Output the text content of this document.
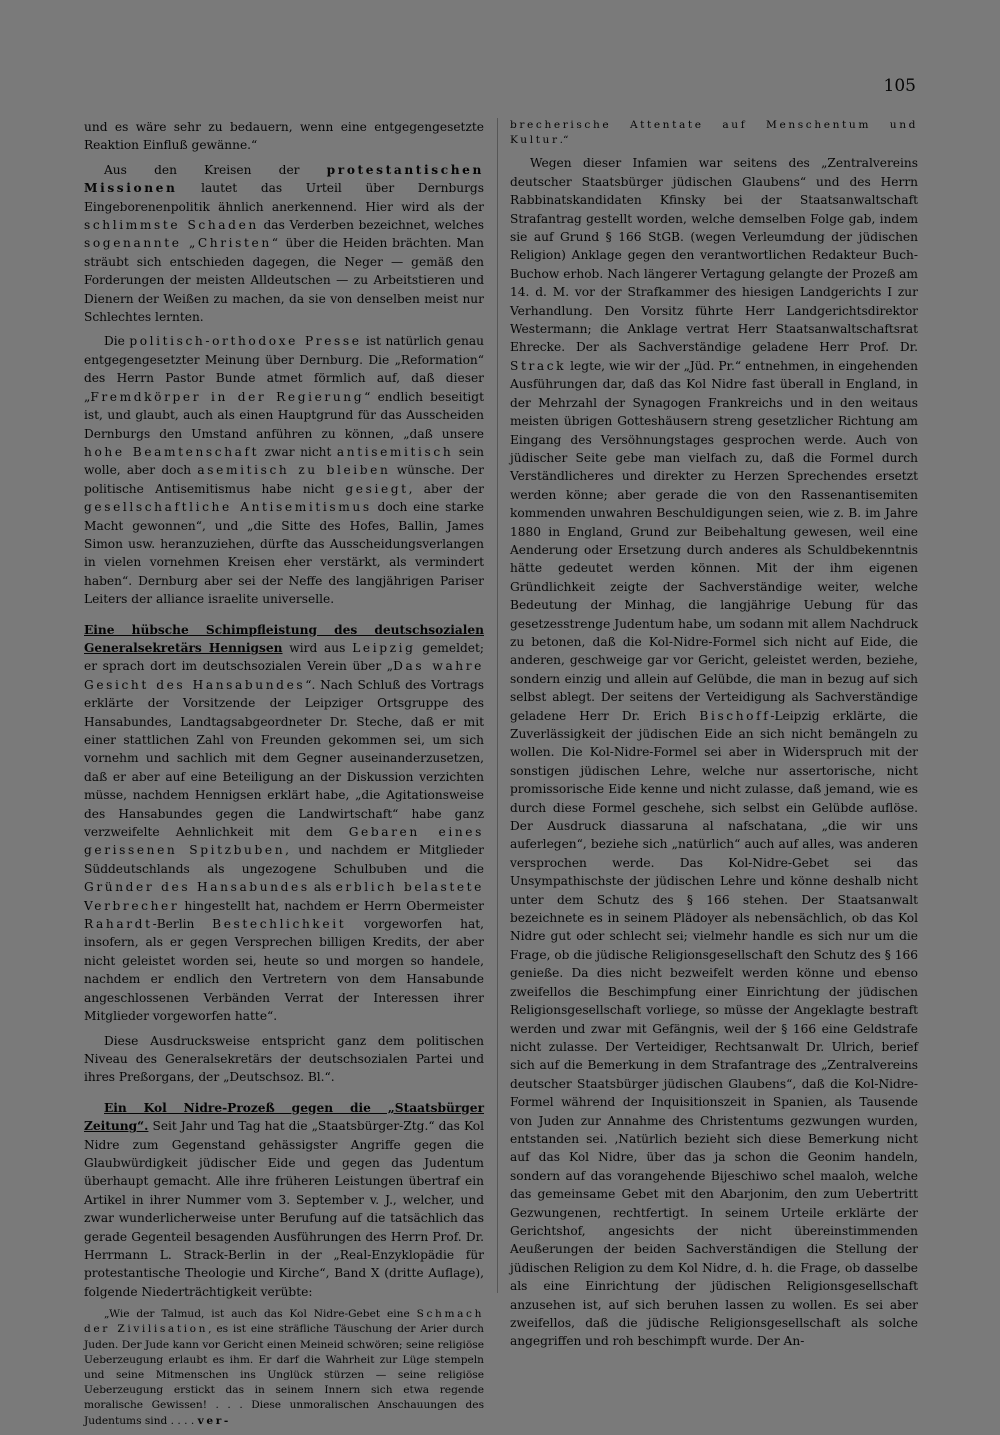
105

und es wäre sehr zu bedauern, wenn eine entgegengesetzte Reaktion Einfluß gewänne.“

Aus den Kreisen der protestantischen Missionen lautet das Urteil über Dernburgs Eingeborenenpolitik ähnlich anerkennend. Hier wird als der schlimmste Schaden das Verderben bezeichnet, welches sogenannte „Christen“ über die Heiden brächten. Man sträubt sich entschieden dagegen, die Neger — gemäß den Forderungen der meisten Alldeutschen — zu Arbeitstieren und Dienern der Weißen zu machen, da sie von denselben meist nur Schlechtes lernten.

Die politisch-orthodoxe Presse ist natürlich genau entgegengesetzter Meinung über Dernburg. Die „Reformation“ des Herrn Pastor Bunde atmet förmlich auf, daß dieser „Fremdkörper in der Regierung“ endlich beseitigt ist, und glaubt, auch als einen Hauptgrund für das Ausscheiden Dernburgs den Umstand anführen zu können, „daß unsere hohe Beamtenschaft zwar nicht antisemitisch sein wolle, aber doch asemitisch zu bleiben wünsche. Der politische Antisemitismus habe nicht gesiegt, aber der gesellschaftliche Antisemitismus doch eine starke Macht gewonnen“, und „die Sitte des Hofes, Ballin, James Simon usw. heranzuziehen, dürfte das Ausscheidungsverlangen in vielen vornehmen Kreisen eher verstärkt, als vermindert haben“. Dernburg aber sei der Neffe des langjährigen Pariser Leiters der alliance israelite universelle.

Eine hübsche Schimpfleistung des deutschsozialen Generalsekretärs Hennigsen wird aus Leipzig gemeldet; er sprach dort im deutschsozialen Verein über „Das wahre Gesicht des Hansabundes“. Nach Schluß des Vortrags erklärte der Vorsitzende der Leipziger Ortsgruppe des Hansabundes, Landtagsabgeordneter Dr. Steche, daß er mit einer stattlichen Zahl von Freunden gekommen sei, um sich vornehm und sachlich mit dem Gegner auseinanderzusetzen, daß er aber auf eine Beteiligung an der Diskussion verzichten müsse, nachdem Hennigsen erklärt habe, „die Agitationsweise des Hansabundes gegen die Landwirtschaft“ habe ganz verzweifelte Aehnlichkeit mit dem Gebaren eines gerissenen Spitzbuben, und nachdem er Mitglieder Süddeutschlands als ungezogene Schulbuben und die Gründer des Hansabundes als erblich belastete Verbrecher hingestellt hat, nachdem er Herrn Obermeister Rahardt-Berlin Bestechlichkeit vorgeworfen hat, insofern, als er gegen Versprechen billigen Kredits, der aber nicht geleistet worden sei, heute so und morgen so handele, nachdem er endlich den Vertretern von dem Hansabunde angeschlossenen Verbänden Verrat der Interessen ihrer Mitglieder vorgeworfen hatte“.

Diese Ausdrucksweise entspricht ganz dem politischen Niveau des Generalsekretärs der deutschsozialen Partei und ihres Preßorgans, der „Deutschsoz. Bl.“.

Ein Kol Nidre-Prozeß gegen die „Staatsbürger Zeitung“. Seit Jahr und Tag hat die „Staatsbürger-Ztg.“ das Kol Nidre zum Gegenstand gehässigster Angriffe gegen die Glaubwürdigkeit jüdischer Eide und gegen das Judentum überhaupt gemacht. Alle ihre früheren Leistungen übertraf ein Artikel in ihrer Nummer vom 3. September v. J., welcher, und zwar wunderlicherweise unter Berufung auf die tatsächlich das gerade Gegenteil besagenden Ausführungen des Herrn Prof. Dr. Herrmann L. Strack-Berlin in der „Real-Enzyklopädie für protestantische Theologie und Kirche“, Band X (dritte Auflage), folgende Niederträchtigkeit verübte:

„Wie der Talmud, ist auch das Kol Nidre-Gebet eine Schmach der Zivilisation, es ist eine sträfliche Täuschung der Arier durch Juden. Der Jude kann vor Gericht einen Meineid schwören; seine religiöse Ueberzeugung erlaubt es ihm. Er darf die Wahrheit zur Lüge stempeln und seine Mitmenschen ins Unglück stürzen — seine religiöse Ueberzeugung erstickt das in seinem Innern sich etwa regende moralische Gewissen! . . . Diese unmoralischen Anschauungen des Judentums sind . . . . ver-

brecherische Attentate auf Menschentum und Kultur.“

Wegen dieser Infamien war seitens des „Zentralvereins deutscher Staatsbürger jüdischen Glaubens“ und des Herrn Rabbinatskandidaten Kfinsky bei der Staatsanwaltschaft Strafantrag gestellt worden, welche demselben Folge gab, indem sie auf Grund § 166 StGB. (wegen Verleumdung der jüdischen Religion) Anklage gegen den verantwortlichen Redakteur Buch-Buchow erhob. Nach längerer Vertagung gelangte der Prozeß am 14. d. M. vor der Strafkammer des hiesigen Landgerichts I zur Verhandlung. Den Vorsitz führte Herr Landgerichtsdirektor Westermann; die Anklage vertrat Herr Staatsanwaltschaftsrat Ehrecke. Der als Sachverständige geladene Herr Prof. Dr. Strack legte, wie wir der „Jüd. Pr.“ entnehmen, in eingehenden Ausführungen dar, daß das Kol Nidre fast überall in England, in der Mehrzahl der Synagogen Frankreichs und in den weitaus meisten übrigen Gotteshäusern streng gesetzlicher Richtung am Eingang des Versöhnungstages gesprochen werde. Auch von jüdischer Seite gebe man vielfach zu, daß die Formel durch Verständlicheres und direkter zu Herzen Sprechendes ersetzt werden könne; aber gerade die von den Rassenantisemiten kommenden unwahren Beschuldigungen seien, wie z. B. im Jahre 1880 in England, Grund zur Beibehaltung gewesen, weil eine Aenderung oder Ersetzung durch anderes als Schuldbekenntnis hätte gedeutet werden können. Mit der ihm eigenen Gründlichkeit zeigte der Sachverständige weiter, welche Bedeutung der Minhag, die langjährige Uebung für das gesetzesstrenge Judentum habe, um sodann mit allem Nachdruck zu betonen, daß die Kol-Nidre-Formel sich nicht auf Eide, die anderen, geschweige gar vor Gericht, geleistet werden, beziehe, sondern einzig und allein auf Gelübde, die man in bezug auf sich selbst ablegt. Der seitens der Verteidigung als Sachverständige geladene Herr Dr. Erich Bischoff-Leipzig erklärte, die Zuverlässigkeit der jüdischen Eide an sich nicht bemängeln zu wollen. Die Kol-Nidre-Formel sei aber in Widerspruch mit der sonstigen jüdischen Lehre, welche nur assertorische, nicht promissorische Eide kenne und nicht zulasse, daß jemand, wie es durch diese Formel geschehe, sich selbst ein Gelübde auflöse. Der Ausdruck diassaruna al nafschatana, „die wir uns auferlegen“, beziehe sich „natürlich“ auch auf alles, was anderen versprochen werde. Das Kol-Nidre-Gebet sei das Unsympathischste der jüdischen Lehre und könne deshalb nicht unter dem Schutz des § 166 stehen. Der Staatsanwalt bezeichnete es in seinem Plädoyer als nebensächlich, ob das Kol Nidre gut oder schlecht sei; vielmehr handle es sich nur um die Frage, ob die jüdische Religionsgesellschaft den Schutz des § 166 genieße. Da dies nicht bezweifelt werden könne und ebenso zweifellos die Beschimpfung einer Einrichtung der jüdischen Religionsgesellschaft vorliege, so müsse der Angeklagte bestraft werden und zwar mit Gefängnis, weil der § 166 eine Geldstrafe nicht zulasse. Der Verteidiger, Rechtsanwalt Dr. Ulrich, berief sich auf die Bemerkung in dem Strafantrage des „Zentralvereins deutscher Staatsbürger jüdischen Glaubens“, daß die Kol-Nidre-Formel während der Inquisitionszeit in Spanien, als Tausende von Juden zur Annahme des Christentums gezwungen wurden, entstanden sei. ‚Natürlich bezieht sich diese Bemerkung nicht auf das Kol Nidre, über das ja schon die Geonim handeln, sondern auf das vorangehende Bijeschiwo schel maaloh, welche das gemeinsame Gebet mit den Abarjonim, den zum Uebertritt Gezwungenen, rechtfertigt. In seinem Urteile erklärte der Gerichtshof, angesichts der nicht übereinstimmenden Aeußerungen der beiden Sachverständigen die Stellung der jüdischen Religion zu dem Kol Nidre, d. h. die Frage, ob dasselbe als eine Einrichtung der jüdischen Religionsgesellschaft anzusehen ist, auf sich beruhen lassen zu wollen. Es sei aber zweifellos, daß die jüdische Religionsgesellschaft als solche angegriffen und roh beschimpft wurde. Der An-
